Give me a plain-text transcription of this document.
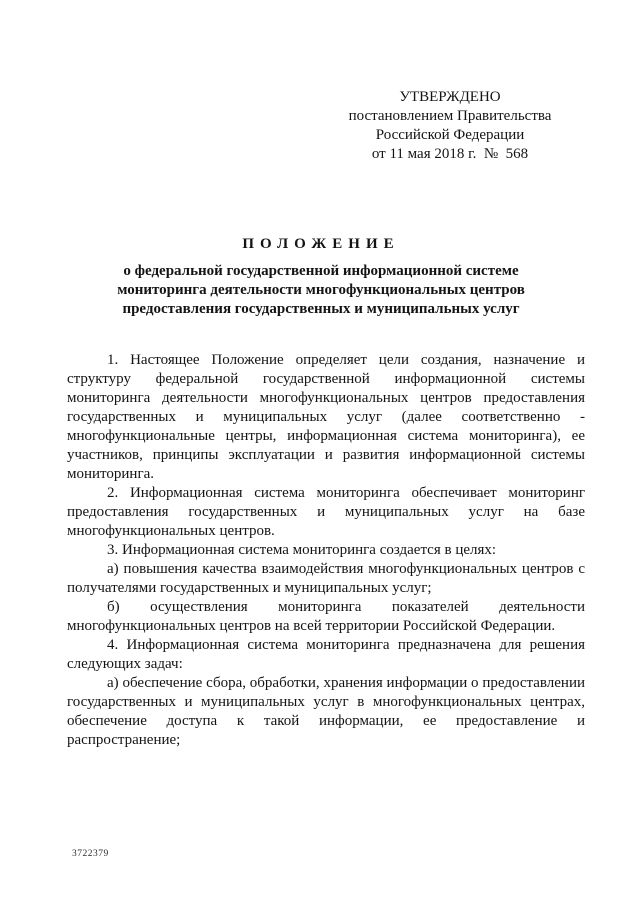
УТВЕРЖДЕНО
постановлением Правительства
Российской Федерации
от 11 мая 2018 г.  №  568
ПОЛОЖЕНИЕ
о федеральной государственной информационной системе
мониторинга деятельности многофункциональных центров
предоставления государственных и муниципальных услуг

1. Настоящее Положение определяет цели создания, назначение и структуру федеральной государственной информационной системы мониторинга деятельности многофункциональных центров предоставления государственных и муниципальных услуг (далее соответственно - многофункциональные центры, информационная система мониторинга), ее участников, принципы эксплуатации и развития информационной системы мониторинга.

2. Информационная система мониторинга обеспечивает мониторинг предоставления государственных и муниципальных услуг на базе многофункциональных центров.

3. Информационная система мониторинга создается в целях:

а) повышения качества взаимодействия многофункциональных центров с получателями государственных и муниципальных услуг;

б) осуществления мониторинга показателей деятельности многофункциональных центров на всей территории Российской Федерации.

4. Информационная система мониторинга предназначена для решения следующих задач:

а) обеспечение сбора, обработки, хранения информации о предоставлении государственных и муниципальных услуг в многофункциональных центрах, обеспечение доступа к такой информации, ее предоставление и распространение;

3722379
